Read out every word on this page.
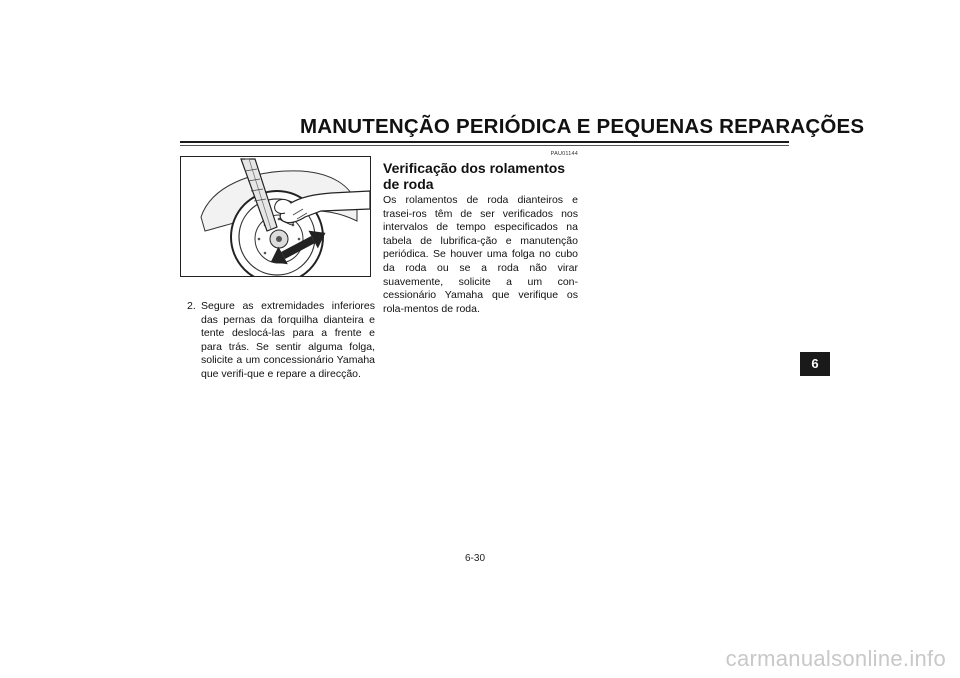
MANUTENÇÃO PERIÓDICA E PEQUENAS REPARAÇÕES
2. Segure as extremidades inferiores das pernas da forquilha dianteira e tente deslocá-las para a frente e para trás. Se sentir alguma folga, solicite a um concessionário Yamaha que verifi-que e repare a direcção.
PAU01144
Verificação dos rolamentos de roda
Os rolamentos de roda dianteiros e trasei-ros têm de ser verificados nos intervalos de tempo especificados na tabela de lubrifica-ção e manutenção periódica. Se houver uma folga no cubo da roda ou se a roda não virar suavemente, solicite a um con-cessionário Yamaha que verifique os rola-mentos de roda.
6
6-30
carmanualsonline.info
